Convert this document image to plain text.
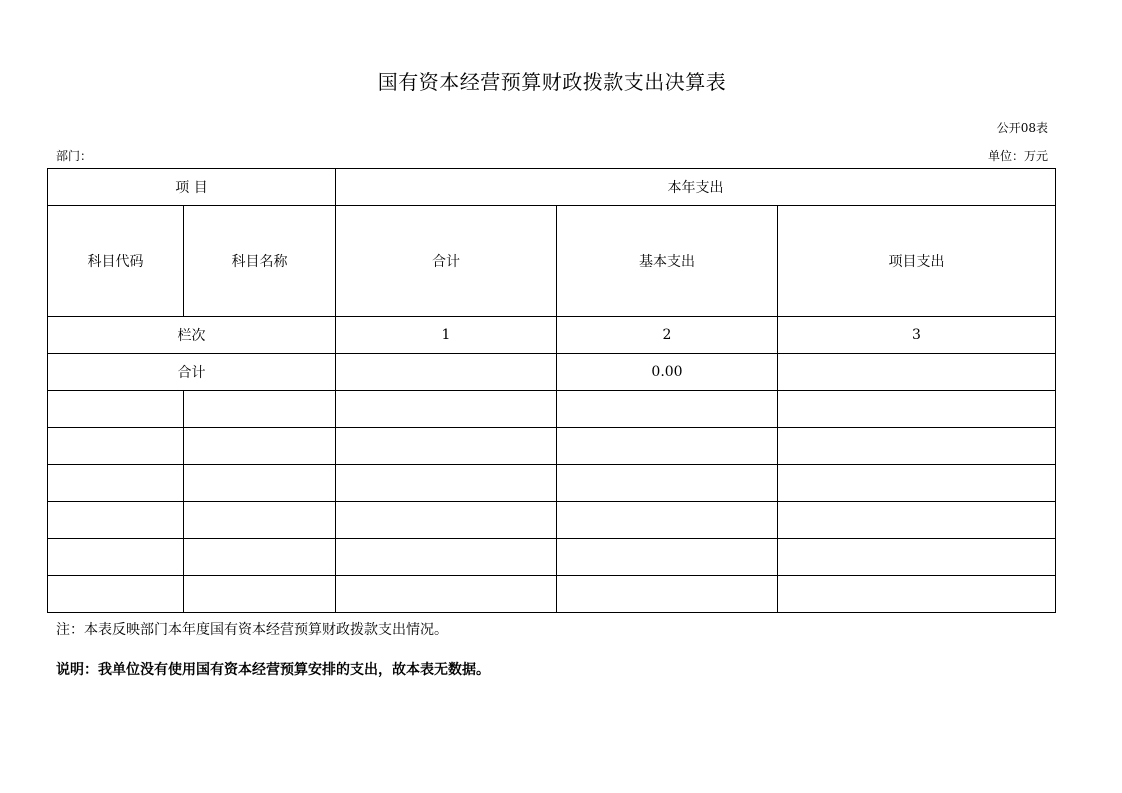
国有资本经营预算财政拨款支出决算表
公开08表
部门：	单位：万元
项 目		本年支出		
科目代码	科目名称	合计	基本支出	项目支出
栏次		1	2	3
合计			0.00	

注：本表反映部门本年度国有资本经营预算财政拨款支出情况。
说明：我单位没有使用国有资本经营预算安排的支出，故本表无数据。
